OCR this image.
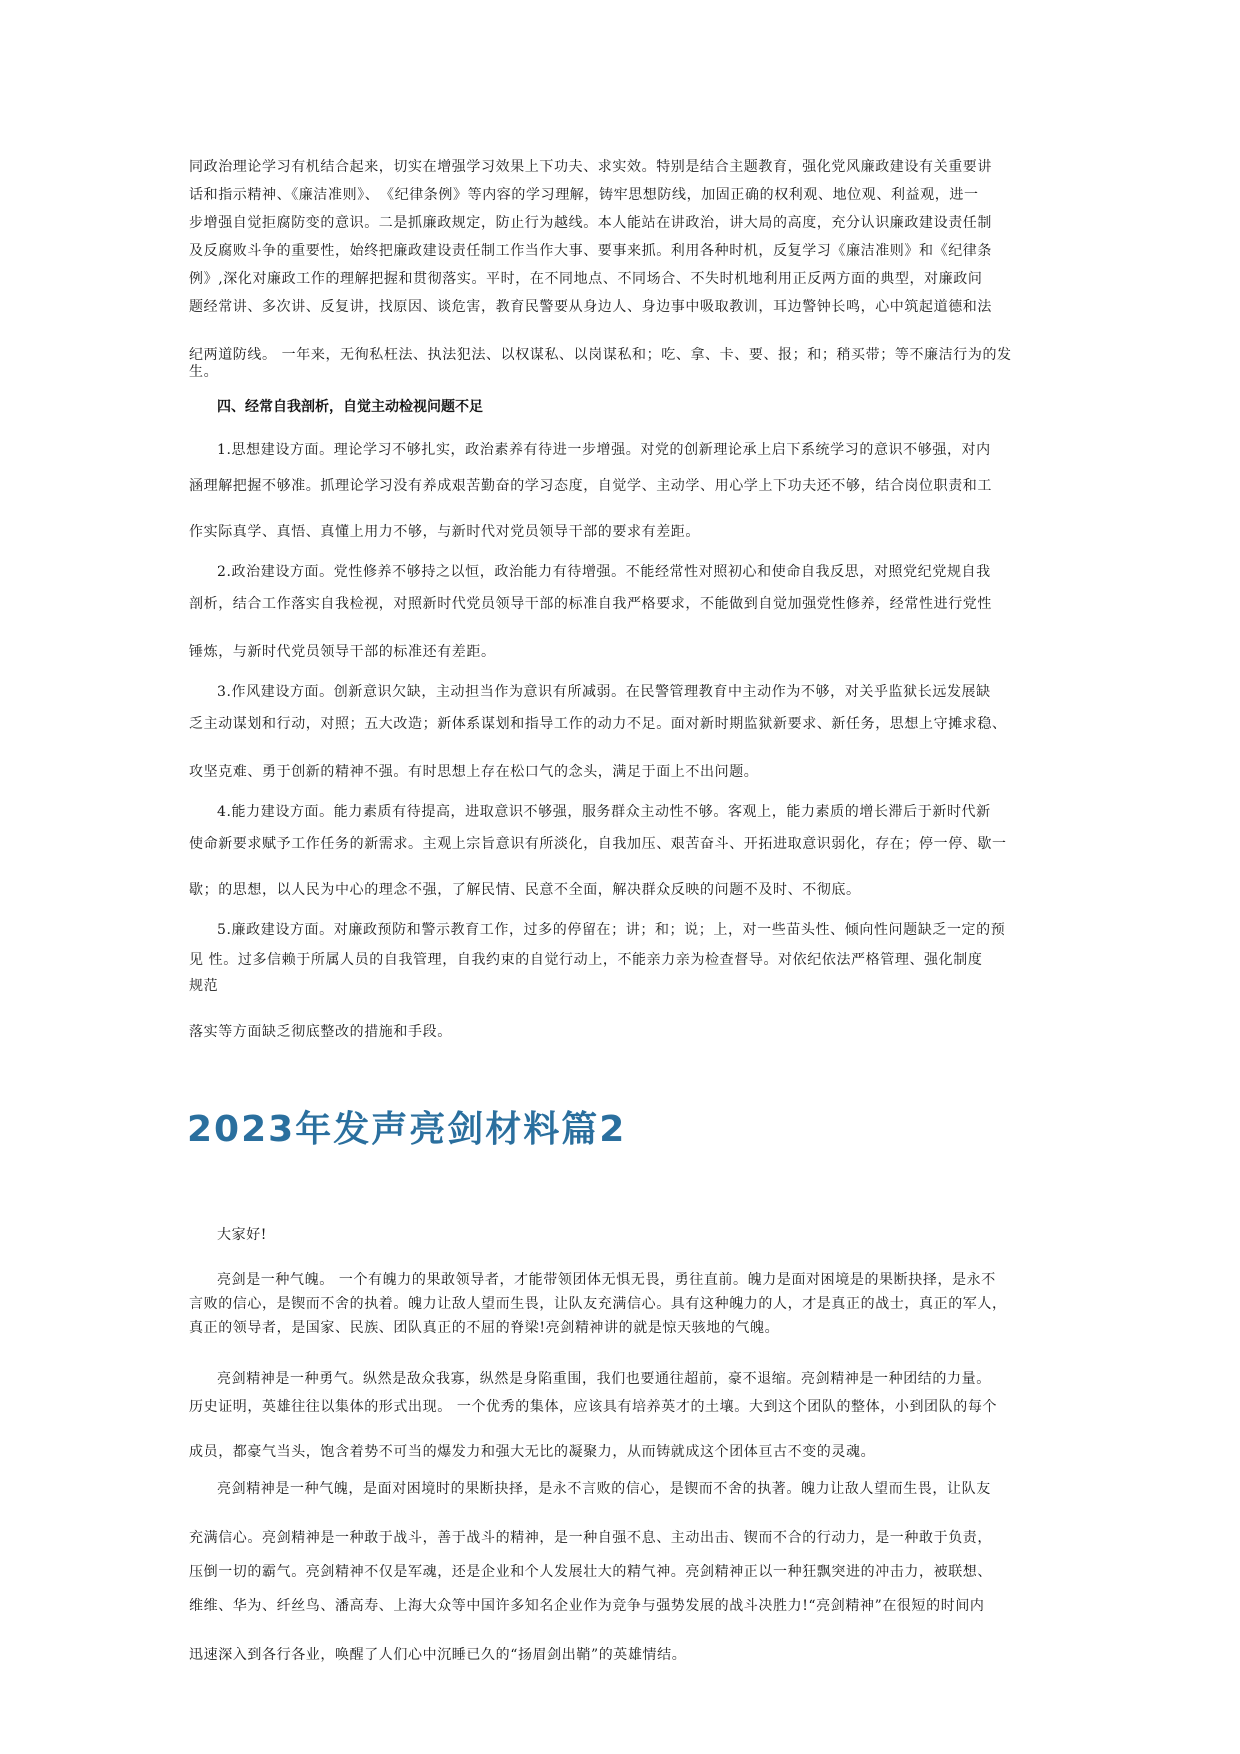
同政治理论学习有机结合起来，切实在增强学习效果上下功夫、求实效。特别是结合主题教育，强化党风廉政建设有关重要讲

话和指示精神、《廉洁准则》、　《纪律条例》等内容的学习理解，铸牢思想防线，加固正确的权利观、地位观、利益观，进一

步增强自觉拒腐防变的意识。二是抓廉政规定，防止行为越线。本人能站在讲政治，讲大局的高度，充分认识廉政建设责任制

及反腐败斗争的重要性，始终把廉政建设责任制工作当作大事、要事来抓。利用各种时机，反复学习《廉洁准则》和《纪律条

例》,深化对廉政工作的理解把握和贯彻落实。平时，在不同地点、不同场合、不失时机地利用正反两方面的典型，对廉政问

题经常讲、多次讲、反复讲，找原因、谈危害，教育民警要从身边人、身边事中吸取教训，耳边警钟长鸣，心中筑起道德和法

纪两道防线。 一年来，无徇私枉法、执法犯法、以权谋私、以岗谋私和；吃、拿、卡、要、报；和；稍买带；等不廉洁行为的发

生。

四、经常自我剖析，自觉主动检视问题不足

1.思想建设方面。理论学习不够扎实，政治素养有待进一步增强。对党的创新理论承上启下系统学习的意识不够强，对内

涵理解把握不够准。抓理论学习没有养成艰苦勤奋的学习态度，自觉学、主动学、用心学上下功夫还不够，结合岗位职责和工

作实际真学、真悟、真懂上用力不够，与新时代对党员领导干部的要求有差距。

2.政治建设方面。党性修养不够持之以恒，政治能力有待增强。不能经常性对照初心和使命自我反思，对照党纪党规自我

剖析，结合工作落实自我检视，对照新时代党员领导干部的标准自我严格要求，不能做到自觉加强党性修养，经常性进行党性

锤炼，与新时代党员领导干部的标准还有差距。

3.作风建设方面。创新意识欠缺，主动担当作为意识有所减弱。在民警管理教育中主动作为不够，对关乎监狱长远发展缺

乏主动谋划和行动，对照；五大改造；新体系谋划和指导工作的动力不足。面对新时期监狱新要求、新任务，思想上守摊求稳、

攻坚克难、勇于创新的精神不强。有时思想上存在松口气的念头，满足于面上不出问题。

4.能力建设方面。能力素质有待提高，进取意识不够强，服务群众主动性不够。客观上，能力素质的增长滞后于新时代新

使命新要求赋予工作任务的新需求。主观上宗旨意识有所淡化，自我加压、艰苦奋斗、开拓进取意识弱化，存在；停一停、歇一

歇；的思想，以人民为中心的理念不强，了解民情、民意不全面，解决群众反映的问题不及时、不彻底。

5.廉政建设方面。对廉政预防和警示教育工作，过多的停留在；讲；和；说；上，对一些苗头性、倾向性问题缺乏一定的预

见 性。过多信赖于所属人员的自我管理，自我约束的自觉行动上，不能亲力亲为检查督导。对依纪依法严格管理、强化制度

规范

落实等方面缺乏彻底整改的措施和手段。

2023年发声亮剑材料篇2

大家好!

亮剑是一种气魄。 一个有魄力的果敢领导者，才能带领团体无惧无畏，勇往直前。魄力是面对困境是的果断抉择，是永不

言败的信心，是锲而不舍的执着。魄力让敌人望而生畏，让队友充满信心。具有这种魄力的人，才是真正的战士，真正的军人，

真正的领导者，是国家、民族、团队真正的不屈的脊梁!亮剑精神讲的就是惊天骇地的气魄。

亮剑精神是一种勇气。纵然是敌众我寡，纵然是身陷重围，我们也要通往超前，豪不退缩。亮剑精神是一种团结的力量。

历史证明，英雄往往以集体的形式出现。 一个优秀的集体，应该具有培养英才的土壤。大到这个团队的整体，小到团队的每个

成员，都豪气当头，饱含着势不可当的爆发力和强大无比的凝聚力，从而铸就成这个团体亘古不变的灵魂。

亮剑精神是一种气魄，是面对困境时的果断抉择，是永不言败的信心，是锲而不舍的执著。魄力让敌人望而生畏，让队友

充满信心。亮剑精神是一种敢于战斗，善于战斗的精神，是一种自强不息、主动出击、锲而不合的行动力，是一种敢于负责，

压倒一切的霸气。亮剑精神不仅是军魂，还是企业和个人发展壮大的精气神。亮剑精神正以一种狂飘突进的冲击力，被联想、

维维、华为、纤丝鸟、潘高寿、上海大众等中国许多知名企业作为竞争与强势发展的战斗决胜力!“亮剑精神”在很短的时间内

迅速深入到各行各业，唤醒了人们心中沉睡已久的“扬眉剑出鞘”的英雄情结。
